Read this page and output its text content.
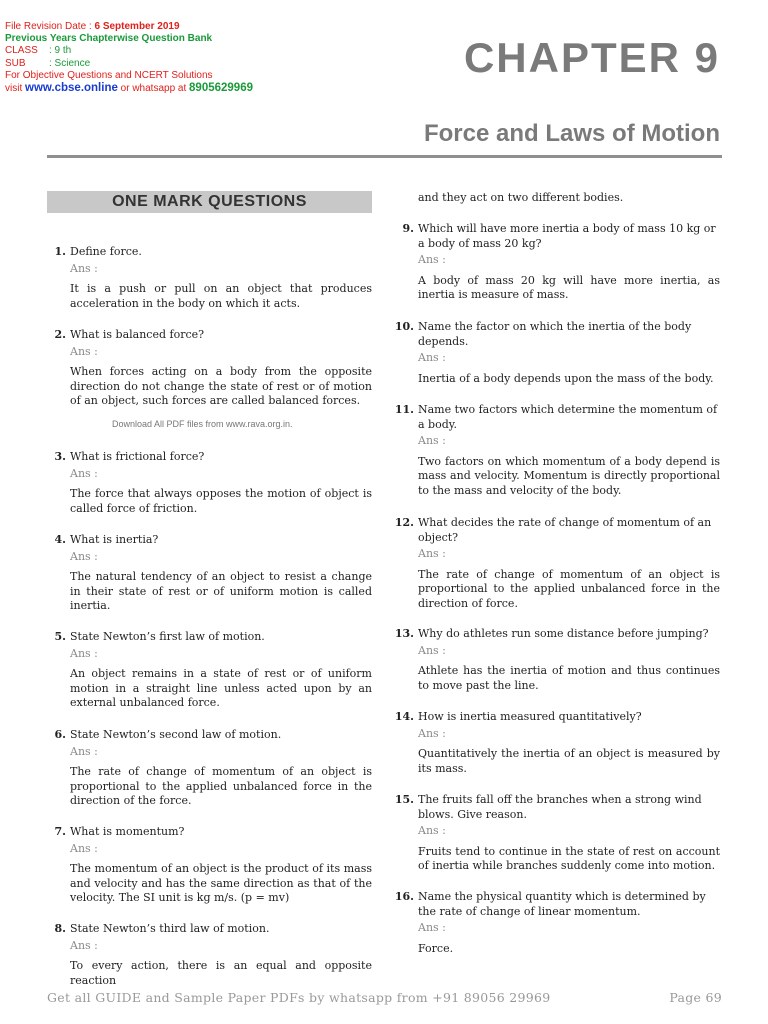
File Revision Date : 6 September 2019
Previous Years Chapterwise Question Bank
CLASS : 9 th
SUB : Science
For Objective Questions and NCERT Solutions
visit www.cbse.online or whatsapp at 8905629969
CHAPTER 9
Force and Laws of Motion
ONE MARK QUESTIONS	and they act on two different bodies.

Download All PDF files from www.rava.org.in.
1. Define force.

Ans :

It is a push or pull on an object that produces acceleration in the body on which it acts.

2. What is balanced force?

Ans :

When forces acting on a body from the opposite direction do not change the state of rest or of motion of an object, such forces are called balanced forces.

3. What is frictional force?

Ans :

The force that always opposes the motion of object is called force of friction.

4. What is inertia?

Ans :

The natural tendency of an object to resist a change in their state of rest or of uniform motion is called inertia.

5. State Newton’s first law of motion.

Ans :

An object remains in a state of rest or of uniform motion in a straight line unless acted upon by an external unbalanced force.

6. State Newton’s second law of motion.

Ans :

The rate of change of momentum of an object is proportional to the applied unbalanced force in the direction of the force.

7. What is momentum?

Ans :

The momentum of an object is the product of its mass and velocity and has the same direction as that of the velocity. The SI unit is kg m/s. (p = mv)

8. State Newton’s third law of motion.

Ans :

To every action, there is an equal and opposite reaction

9. Which will have more inertia a body of mass 10 kg or a body of mass 20 kg?

Ans :

A body of mass 20 kg will have more inertia, as inertia is measure of mass.

10. Name the factor on which the inertia of the body depends.

Ans :

Inertia of a body depends upon the mass of the body.

11. Name two factors which determine the momentum of a body.

Ans :

Two factors on which momentum of a body depend is mass and velocity. Momentum is directly proportional to the mass and velocity of the body.

12. What decides the rate of change of momentum of an object?

Ans :

The rate of change of momentum of an object is proportional to the applied unbalanced force in the direction of force.

13. Why do athletes run some distance before jumping?

Ans :

Athlete has the inertia of motion and thus continues to move past the line.

14. How is inertia measured quantitatively?

Ans :

Quantitatively the inertia of an object is measured by its mass.

15. The fruits fall off the branches when a strong wind blows. Give reason.

Ans :

Fruits tend to continue in the state of rest on account of inertia while branches suddenly come into motion.

16. Name the physical quantity which is determined by the rate of change of linear momentum.

Ans :

Force.

Get all GUIDE and Sample Paper PDFs by whatsapp from +91 89056 29969	Page 69
